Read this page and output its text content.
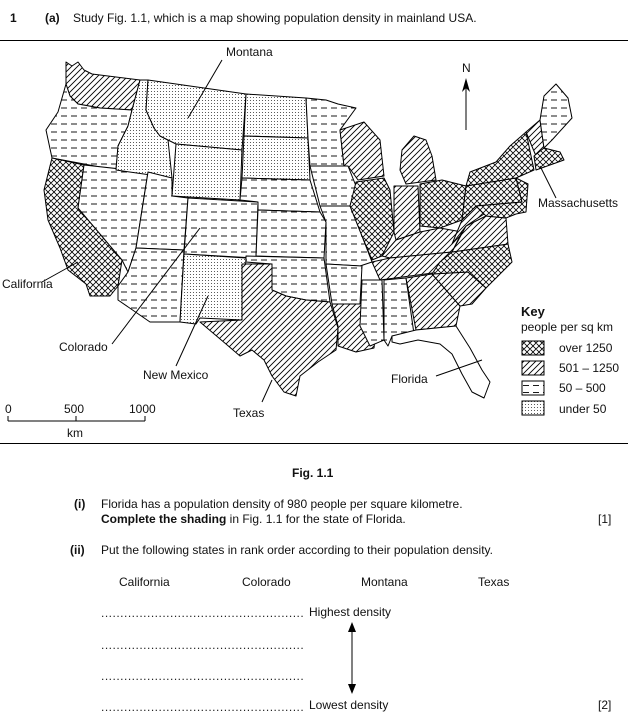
1 (a) Study Fig. 1.1, which is a map showing population density in mainland USA.
Montana
N
California
Colorado
New Mexico
Texas
Florida
Massachusetts
Key
people per sq km
over 1250
501 – 1250
50 – 500
under 50
0	500	1000
km
Fig. 1.1
(i) Florida has a population density of 980 people per square kilometre.
Complete the shading in Fig. 1.1 for the state of Florida.	[1]
(ii) Put the following states in rank order according to their population density.
California	Colorado	Montana	Texas
.....................................................
.....................................................
.....................................................
.....................................................
Highest density
Lowest density	[2]
